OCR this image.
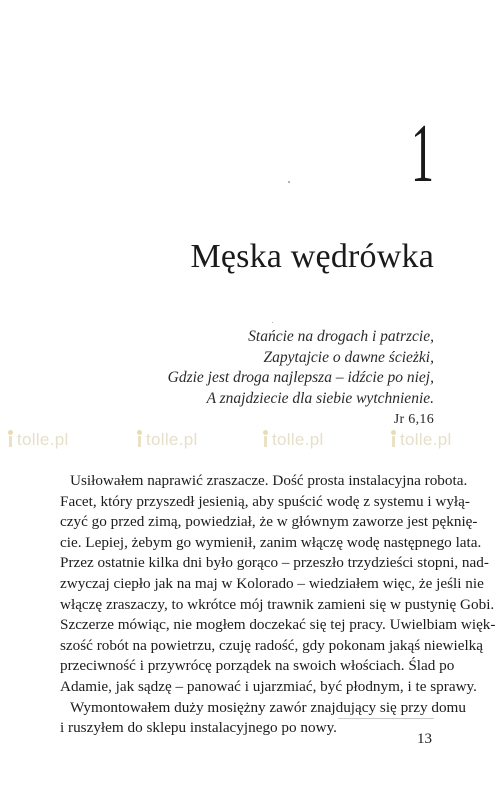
1
Męska wędrówka
Stańcie na drogach i patrzcie,
Zapytajcie o dawne ścieżki,
Gdzie jest droga najlepsza – idźcie po niej,
A znajdziecie dla siebie wytchnienie.
Jr 6,16
tolle.pl	tolle.pl	tolle.pl	tolle.pl
Usiłowałem naprawić zraszacze. Dość prosta instalacyjna robota.
Facet, który przyszedł jesienią, aby spuścić wodę z systemu i wyłą-
czyć go przed zimą, powiedział, że w głównym zaworze jest pęknię-
cie. Lepiej, żebym go wymienił, zanim włączę wodę następnego lata.
Przez ostatnie kilka dni było gorąco – przeszło trzydzieści stopni, nad-
zwyczaj ciepło jak na maj w Kolorado – wiedziałem więc, że jeśli nie
włączę zraszaczy, to wkrótce mój trawnik zamieni się w pustynię Gobi.
Szczerze mówiąc, nie mogłem doczekać się tej pracy. Uwielbiam więk-
szość robót na powietrzu, czuję radość, gdy pokonam jakąś niewielką
przeciwność i przywrócę porządek na swoich włościach. Ślad po
Adamie, jak sądzę – panować i ujarzmiać, być płodnym, i te sprawy.
Wymontowałem duży mosiężny zawór znajdujący się przy domu
i ruszyłem do sklepu instalacyjnego po nowy.
13
